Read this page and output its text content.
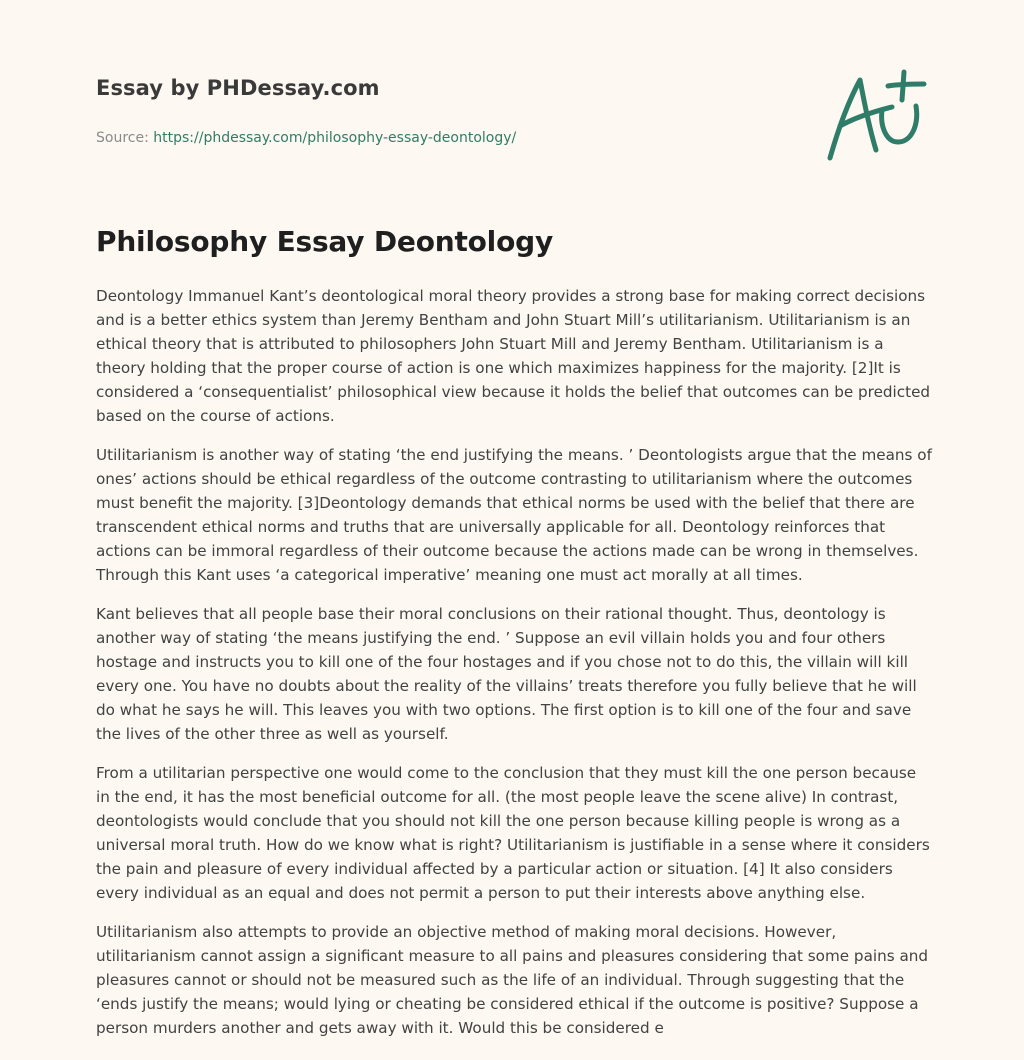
Essay by PHDessay.com
Source: https://phdessay.com/philosophy-essay-deontology/
Philosophy Essay Deontology

Deontology Immanuel Kant’s deontological moral theory provides a strong base for making correct decisions and is a better ethics system than Jeremy Bentham and John Stuart Mill’s utilitarianism. Utilitarianism is an ethical theory that is attributed to philosophers John Stuart Mill and Jeremy Bentham. Utilitarianism is a theory holding that the proper course of action is one which maximizes happiness for the majority. [2]It is considered a ‘consequentialist’ philosophical view because it holds the belief that outcomes can be predicted based on the course of actions.

Utilitarianism is another way of stating ‘the end justifying the means. ’ Deontologists argue that the means of ones’ actions should be ethical regardless of the outcome contrasting to utilitarianism where the outcomes must benefit the majority. [3]Deontology demands that ethical norms be used with the belief that there are transcendent ethical norms and truths that are universally applicable for all. Deontology reinforces that actions can be immoral regardless of their outcome because the actions made can be wrong in themselves. Through this Kant uses ‘a categorical imperative’ meaning one must act morally at all times.

Kant believes that all people base their moral conclusions on their rational thought. Thus, deontology is another way of stating ‘the means justifying the end. ’ Suppose an evil villain holds you and four others hostage and instructs you to kill one of the four hostages and if you chose not to do this, the villain will kill every one. You have no doubts about the reality of the villains’ treats therefore you fully believe that he will do what he says he will. This leaves you with two options. The first option is to kill one of the four and save the lives of the other three as well as yourself.

From a utilitarian perspective one would come to the conclusion that they must kill the one person because in the end, it has the most beneficial outcome for all. (the most people leave the scene alive) In contrast, deontologists would conclude that you should not kill the one person because killing people is wrong as a universal moral truth. How do we know what is right? Utilitarianism is justifiable in a sense where it considers the pain and pleasure of every individual affected by a particular action or situation. [4] It also considers every individual as an equal and does not permit a person to put their interests above anything else.

Utilitarianism also attempts to provide an objective method of making moral decisions. However, utilitarianism cannot assign a significant measure to all pains and pleasures considering that some pains and pleasures cannot or should not be measured such as the life of an individual. Through suggesting that the ‘ends justify the means; would lying or cheating be considered ethical if the outcome is positive? Suppose a person murders another and gets away with it. Would this be considered e
